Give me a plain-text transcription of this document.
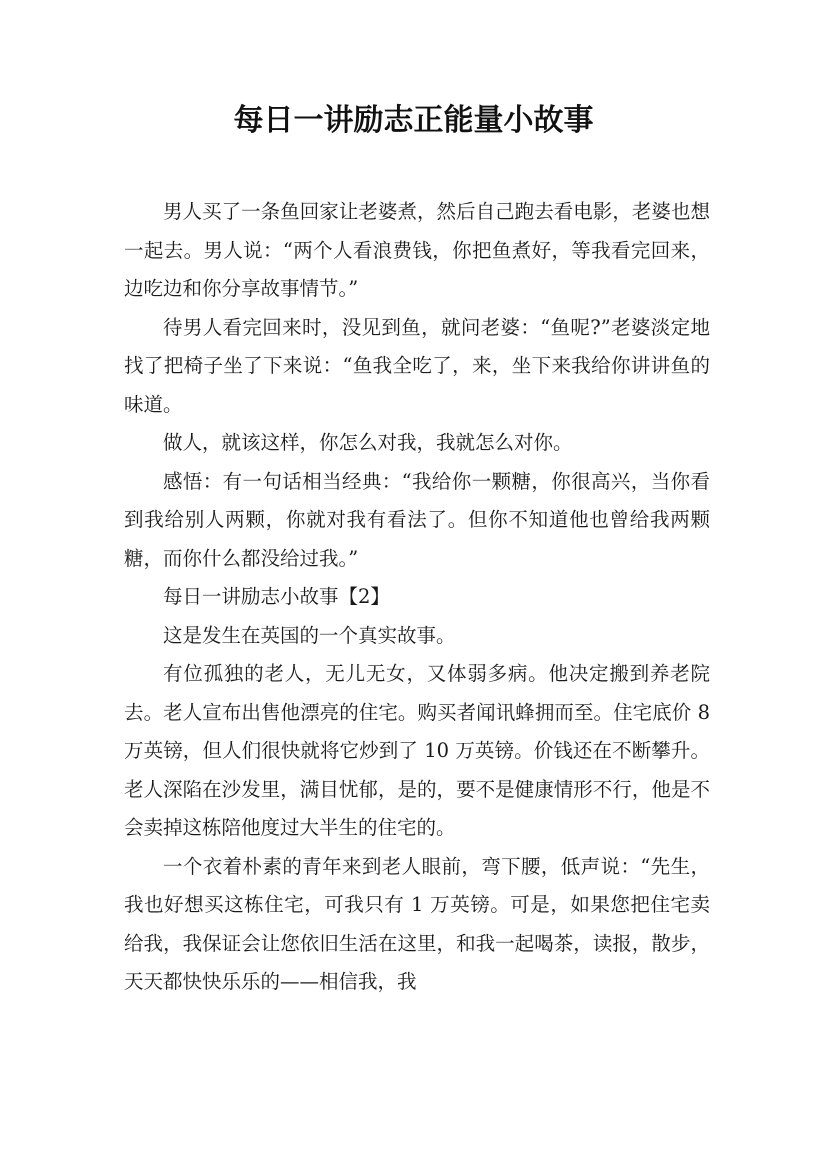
每日一讲励志正能量小故事

男人买了一条鱼回家让老婆煮，然后自己跑去看电影，老婆也想一起去。男人说：“两个人看浪费钱，你把鱼煮好，等我看完回来，边吃边和你分享故事情节。”

待男人看完回来时，没见到鱼，就问老婆：“鱼呢?”老婆淡定地找了把椅子坐了下来说：“鱼我全吃了，来，坐下来我给你讲讲鱼的味道。

做人，就该这样，你怎么对我，我就怎么对你。

感悟：有一句话相当经典：“我给你一颗糖，你很高兴，当你看到我给别人两颗，你就对我有看法了。但你不知道他也曾给我两颗糖，而你什么都没给过我。”

每日一讲励志小故事【2】

这是发生在英国的一个真实故事。

有位孤独的老人，无儿无女，又体弱多病。他决定搬到养老院去。老人宣布出售他漂亮的住宅。购买者闻讯蜂拥而至。住宅底价 8 万英镑，但人们很快就将它炒到了 10 万英镑。价钱还在不断攀升。老人深陷在沙发里，满目忧郁，是的，要不是健康情形不行，他是不会卖掉这栋陪他度过大半生的住宅的。

一个衣着朴素的青年来到老人眼前，弯下腰，低声说：“先生，我也好想买这栋住宅，可我只有 1 万英镑。可是，如果您把住宅卖给我，我保证会让您依旧生活在这里，和我一起喝茶，读报，散步，天天都快快乐乐的——相信我，我
